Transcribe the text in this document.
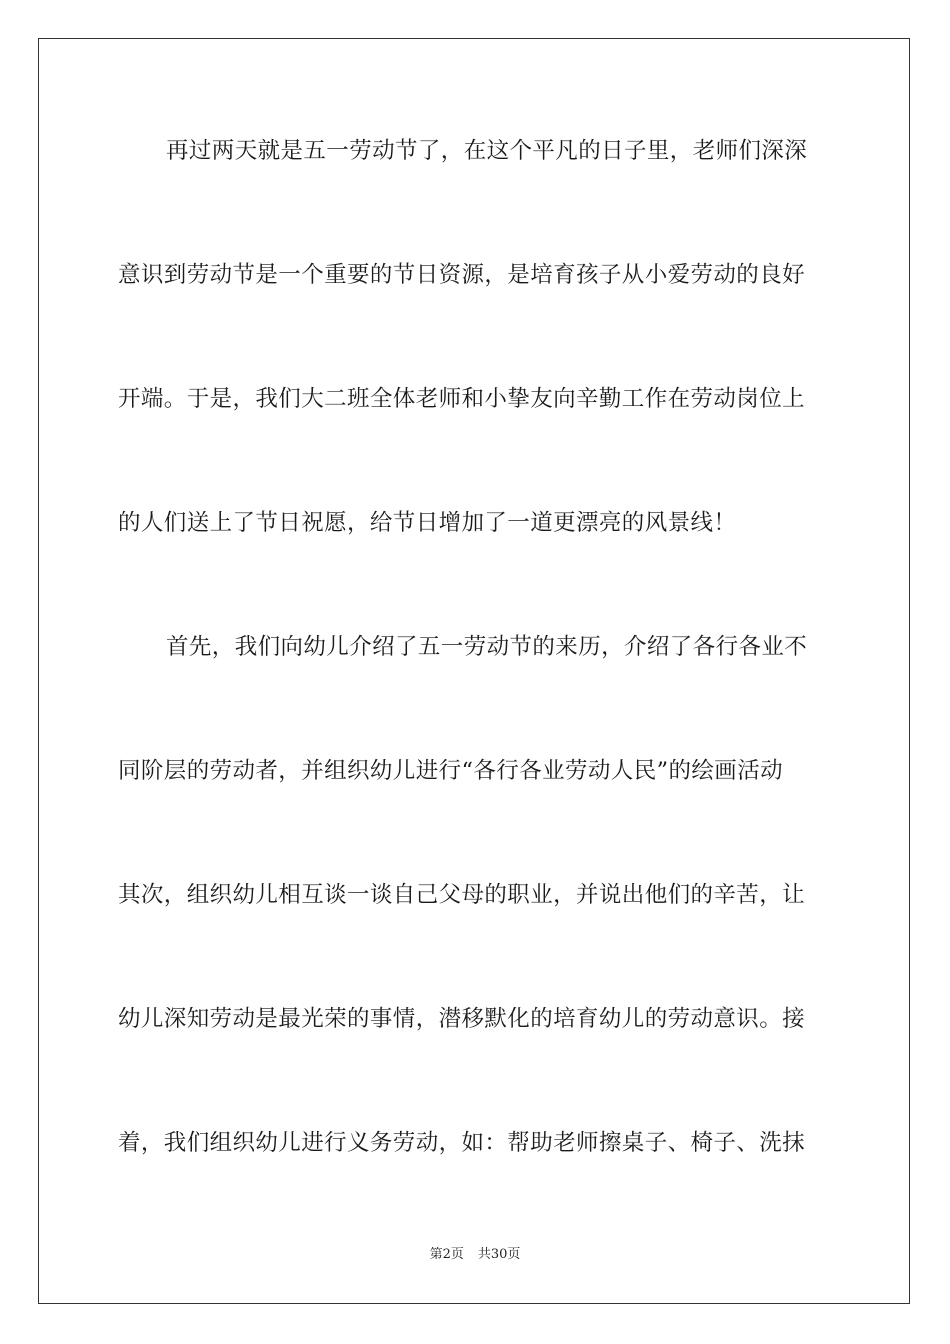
再过两天就是五一劳动节了，在这个平凡的日子里，老师们深深
意识到劳动节是一个重要的节日资源，是培育孩子从小爱劳动的良好
开端。于是，我们大二班全体老师和小挚友向辛勤工作在劳动岗位上
的人们送上了节日祝愿，给节日增加了一道更漂亮的风景线！
首先，我们向幼儿介绍了五一劳动节的来历，介绍了各行各业不
同阶层的劳动者，并组织幼儿进行“各行各业劳动人民”的绘画活动
其次，组织幼儿相互谈一谈自己父母的职业，并说出他们的辛苦，让
幼儿深知劳动是最光荣的事情，潜移默化的培育幼儿的劳动意识。接
着，我们组织幼儿进行义务劳动，如：帮助老师擦桌子、椅子、洗抹
第2页 共30页
